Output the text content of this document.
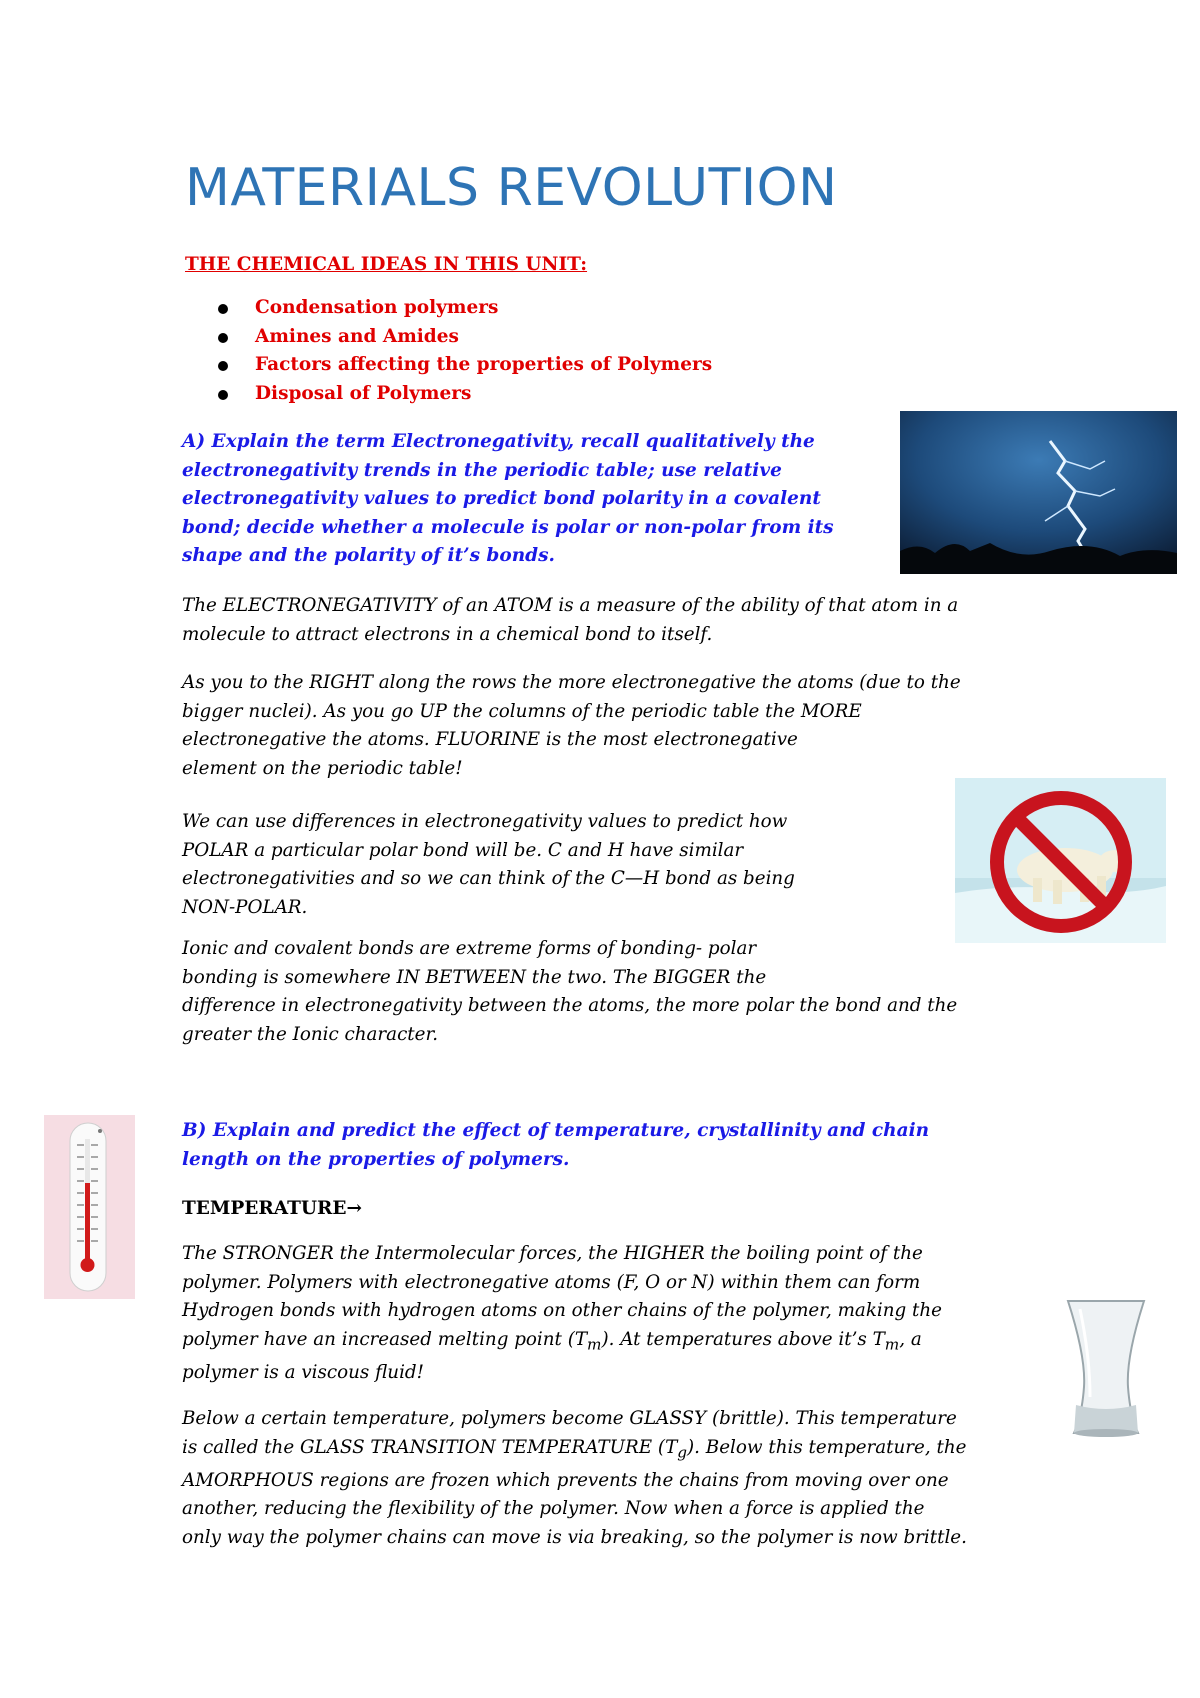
MATERIALS REVOLUTION
THE CHEMICAL IDEAS IN THIS UNIT:
Condensation polymers
Amines and Amides
Factors affecting the properties of Polymers
Disposal of Polymers
A) Explain the term Electronegativity, recall qualitatively the
electronegativity trends in the periodic table; use relative
electronegativity values to predict bond polarity in a covalent
bond; decide whether a molecule is polar or non-polar from its
shape and the polarity of it’s bonds.
The ELECTRONEGATIVITY of an ATOM is a measure of the ability of that atom in a
molecule to attract electrons in a chemical bond to itself.
As you to the RIGHT along the rows the more electronegative the atoms (due to the
bigger nuclei). As you go UP the columns of the periodic table the MORE
electronegative the atoms. FLUORINE is the most electronegative
element on the periodic table!
We can use differences in electronegativity values to predict how
POLAR a particular polar bond will be. C and H have similar
electronegativities and so we can think of the C—H bond as being
NON-POLAR.
Ionic and covalent bonds are extreme forms of bonding- polar
bonding is somewhere IN BETWEEN the two. The BIGGER the
difference in electronegativity between the atoms, the more polar the bond and the
greater the Ionic character.
B) Explain and predict the effect of temperature, crystallinity and chain
length on the properties of polymers.
TEMPERATURE→
The STRONGER the Intermolecular forces, the HIGHER the boiling point of the
polymer. Polymers with electronegative atoms (F, O or N) within them can form
Hydrogen bonds with hydrogen atoms on other chains of the polymer, making the
polymer have an increased melting point $(T_m)$. At temperatures above it’s $T_m$, a
polymer is a viscous fluid!
Below a certain temperature, polymers become GLASSY (brittle). This temperature
is called the GLASS TRANSITION TEMPERATURE $(T_g)$. Below this temperature, the
AMORPHOUS regions are frozen which prevents the chains from moving over one
another, reducing the flexibility of the polymer. Now when a force is applied the
only way the polymer chains can move is via breaking, so the polymer is now brittle.
